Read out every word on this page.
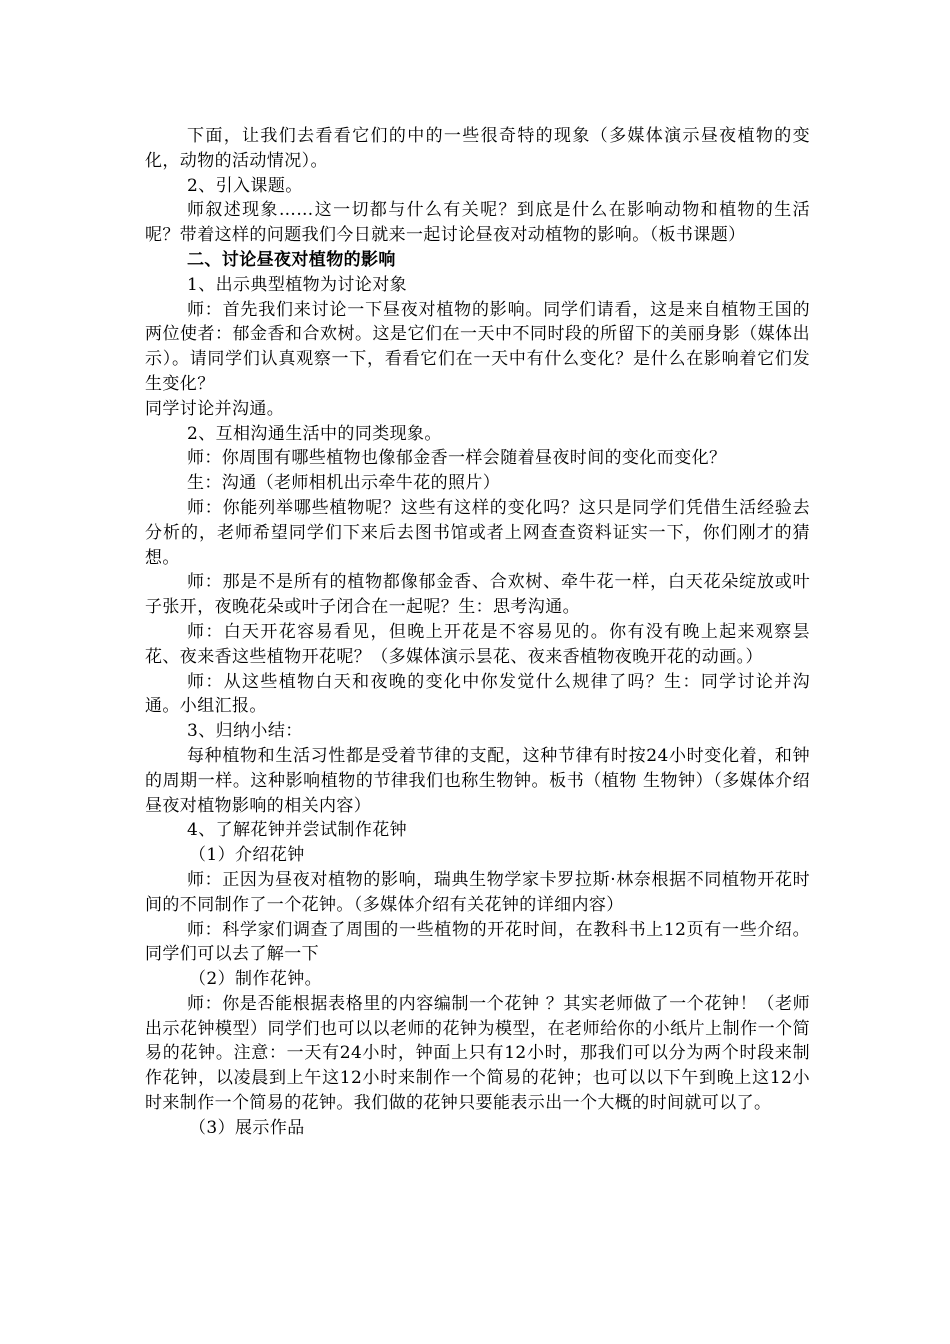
下面，让我们去看看它们的中的一些很奇特的现象（多媒体演示昼夜植物的变化，动物的活动情况）。

2、引入课题。

师叙述现象……这一切都与什么有关呢？到底是什么在影响动物和植物的生活呢？带着这样的问题我们今日就来一起讨论昼夜对动植物的影响。（板书课题）

二、讨论昼夜对植物的影响

1、出示典型植物为讨论对象

师：首先我们来讨论一下昼夜对植物的影响。同学们请看，这是来自植物王国的两位使者：郁金香和合欢树。这是它们在一天中不同时段的所留下的美丽身影（媒体出示）。请同学们认真观察一下，看看它们在一天中有什么变化？是什么在影响着它们发生变化？

同学讨论并沟通。

2、互相沟通生活中的同类现象。

师：你周围有哪些植物也像郁金香一样会随着昼夜时间的变化而变化？

生：沟通（老师相机出示牵牛花的照片）

师：你能列举哪些植物呢？这些有这样的变化吗？这只是同学们凭借生活经验去分析的，老师希望同学们下来后去图书馆或者上网查查资料证实一下，你们刚才的猜想。

师：那是不是所有的植物都像郁金香、合欢树、牵牛花一样，白天花朵绽放或叶子张开，夜晚花朵或叶子闭合在一起呢？生：思考沟通。

师：白天开花容易看见，但晚上开花是不容易见的。你有没有晚上起来观察昙花、夜来香这些植物开花呢？（多媒体演示昙花、夜来香植物夜晚开花的动画。）

师：从这些植物白天和夜晚的变化中你发觉什么规律了吗？生：同学讨论并沟通。小组汇报。

3、归纳小结：

每种植物和生活习性都是受着节律的支配，这种节律有时按24小时变化着，和钟的周期一样。这种影响植物的节律我们也称生物钟。板书（植物 生物钟）（多媒体介绍昼夜对植物影响的相关内容）

4、了解花钟并尝试制作花钟

（1）介绍花钟

师：正因为昼夜对植物的影响，瑞典生物学家卡罗拉斯·林奈根据不同植物开花时间的不同制作了一个花钟。（多媒体介绍有关花钟的详细内容）

师：科学家们调查了周围的一些植物的开花时间，在教科书上12页有一些介绍。同学们可以去了解一下

（2）制作花钟。

师：你是否能根据表格里的内容编制一个花钟 ？其实老师做了一个花钟！（老师出示花钟模型）同学们也可以以老师的花钟为模型，在老师给你的小纸片上制作一个简易的花钟。注意：一天有24小时，钟面上只有12小时，那我们可以分为两个时段来制作花钟，以凌晨到上午这12小时来制作一个简易的花钟；也可以以下午到晚上这12小时来制作一个简易的花钟。我们做的花钟只要能表示出一个大概的时间就可以了。

（3）展示作品
